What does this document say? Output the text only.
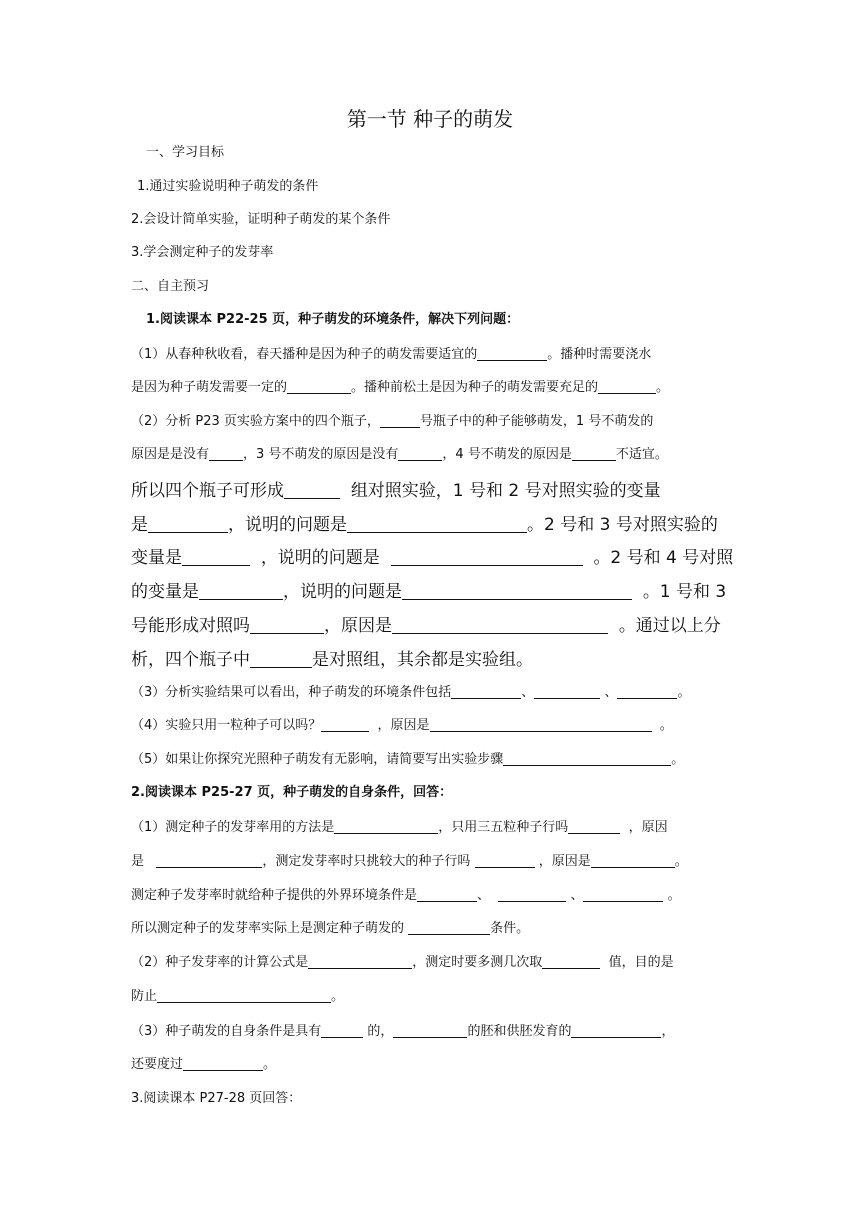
第一节 种子的萌发
一、学习目标
1.通过实验说明种子萌发的条件
2.会设计简单实验，证明种子萌发的某个条件
3.学会测定种子的发芽率
二、自主预习
1.阅读课本 P22-25 页，种子萌发的环境条件，解决下列问题：
（1）从春种秋收看，春天播种是因为种子的萌发需要适宜的	。播种时需要浇水
是因为种子萌发需要一定的	。播种前松土是因为种子的萌发需要充足的	。
（2）分析 P23 页实验方案中的四个瓶子，	号瓶子中的种子能够萌发，1 号不萌发的
原因是是没有	，3 号不萌发的原因是没有	，4 号不萌发的原因是	不适宜。
所以四个瓶子可形成	组对照实验，1 号和 2 号对照实验的变量
是	，说明的问题是	。2 号和 3 号对照实验的
变量是	，说明的问题是	。2 号和 4 号对照
的变量是	，说明的问题是	。1 号和 3
号能形成对照吗	，原因是	。通过以上分
析，四个瓶子中	是对照组，其余都是实验组。
（3）分析实验结果可以看出，种子萌发的环境条件包括	、	、	。
（4）实验只用一粒种子可以吗？	，原因是	。
（5）如果让你探究光照种子萌发有无影响，请简要写出实验步骤	。
2.阅读课本 P25-27 页，种子萌发的自身条件，回答：
（1）测定种子的发芽率用的方法是	，只用三五粒种子行吗	，原因
是	，测定发芽率时只挑较大的种子行吗	，原因是	。
测定种子发芽率时就给种子提供的外界环境条件是	、	、	。
所以测定种子的发芽率实际上是测定种子萌发的	条件。
（2）种子发芽率的计算公式是	，测定时要多测几次取	值，目的是
防止	。
（3）种子萌发的自身条件是具有	的，	的胚和供胚发育的	，
还要度过	。
3.阅读课本 P27-28 页回答：
